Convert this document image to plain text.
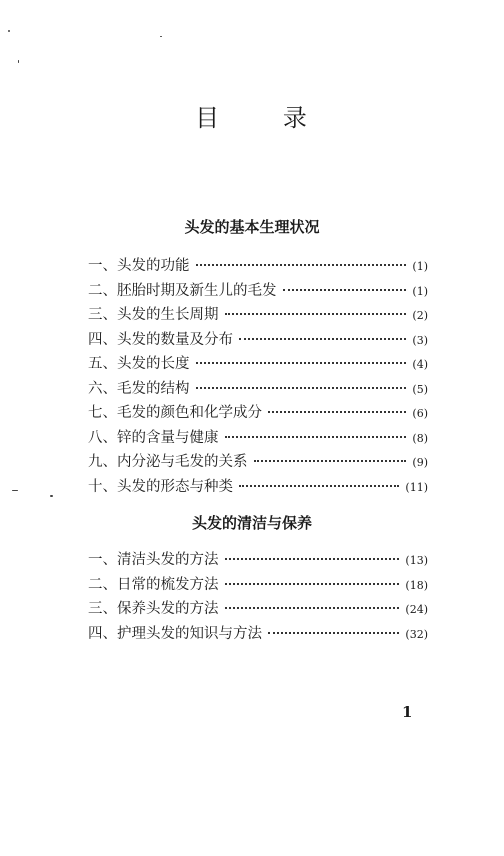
目	录
头发的基本生理状况
一、头发的功能	(1)
二、胚胎时期及新生儿的毛发	(1)
三、头发的生长周期	(2)
四、头发的数量及分布	(3)
五、头发的长度	(4)
六、毛发的结构	(5)
七、毛发的颜色和化学成分	(6)
八、锌的含量与健康	(8)
九、内分泌与毛发的关系	(9)
十、头发的形态与种类	(11)
头发的清洁与保养
一、清洁头发的方法	(13)
二、日常的梳发方法	(18)
三、保养头发的方法	(24)
四、护理头发的知识与方法	(32)
1
